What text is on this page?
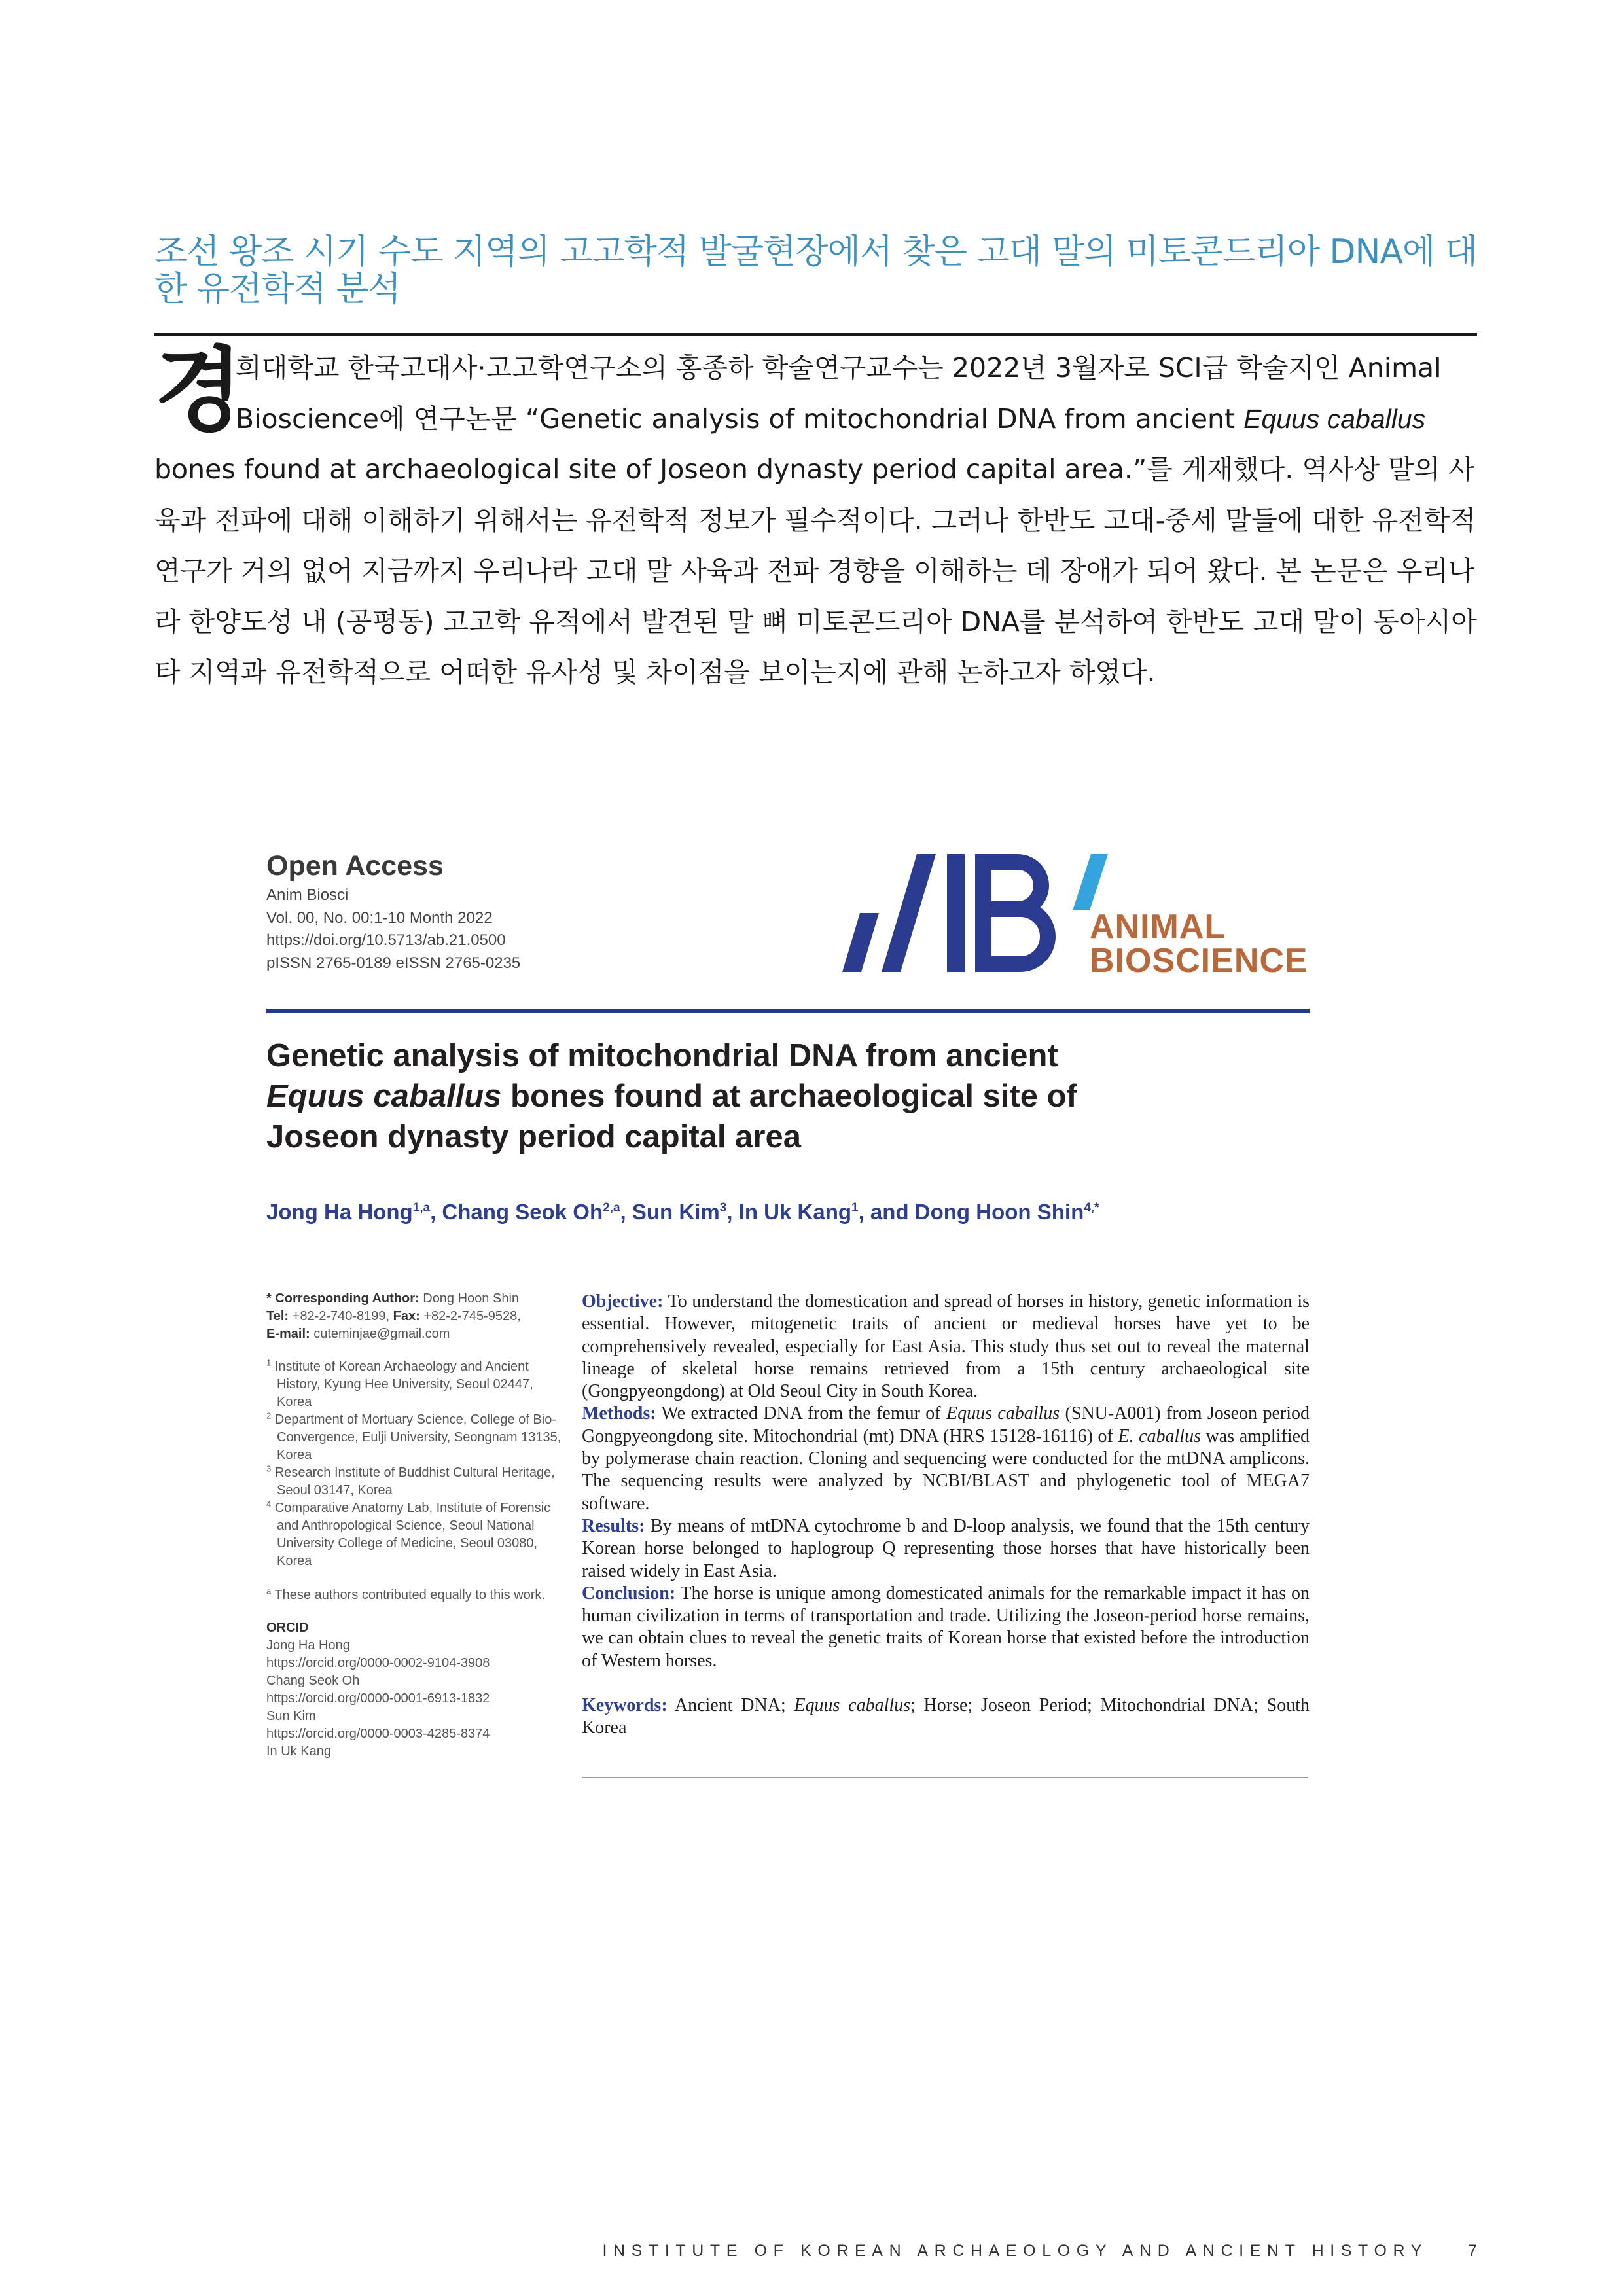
조선 왕조 시기 수도 지역의 고고학적 발굴현장에서 찾은 고대 말의 미토콘드리아 DNA에 대한 유전학적 분석

경
희대학교 한국고대사·고고학연구소의 홍종하 학술연구교수는 2022년 3월자로 SCI급 학술지인 Animal Bioscience에 연구논문 “Genetic analysis of mitochondrial DNA from ancient Equus caballus bones found at archaeological site of Joseon dynasty period capital area.”를 게재했다. 역사상 말의 사육과 전파에 대해 이해하기 위해서는 유전학적 정보가 필수적이다. 그러나 한반도 고대-중세 말들에 대한 유전학적 연구가 거의 없어 지금까지 우리나라 고대 말 사육과 전파 경향을 이해하는 데 장애가 되어 왔다. 본 논문은 우리나라 한양도성 내 (공평동) 고고학 유적에서 발견된 말 뼈 미토콘드리아 DNA를 분석하여 한반도 고대 말이 동아시아 타 지역과 유전학적으로 어떠한 유사성 및 차이점을 보이는지에 관해 논하고자 하였다.

Open Access
Anim Biosci
Vol. 00, No. 00:1-10 Month 2022
https://doi.org/10.5713/ab.21.0500
pISSN 2765-0189 eISSN 2765-0235
ANIMAL
BIOSCIENCE
Genetic analysis of mitochondrial DNA from ancient Equus caballus bones found at archaeological site of Joseon dynasty period capital area
Jong Ha Hong$^{1,a}$, Chang Seok Oh$^{2,a}$, Sun Kim$^3$, In Uk Kang$^1$, and Dong Hoon Shin$^{4,*}$
* Corresponding Author: Dong Hoon Shin
Tel: +82-2-740-8199, Fax: +82-2-745-9528,
E-mail: cuteminjae@gmail.com
$^1$ Institute of Korean Archaeology and Ancient History, Kyung Hee University, Seoul 02447, Korea
$^2$ Department of Mortuary Science, College of Bio-Convergence, Eulji University, Seongnam 13135, Korea
$^3$ Research Institute of Buddhist Cultural Heritage, Seoul 03147, Korea
$^4$ Comparative Anatomy Lab, Institute of Forensic and Anthropological Science, Seoul National University College of Medicine, Seoul 03080, Korea
$^a$ These authors contributed equally to this work.
ORCID
Jong Ha Hong
https://orcid.org/0000-0002-9104-3908
Chang Seok Oh
https://orcid.org/0000-0001-6913-1832
Sun Kim
https://orcid.org/0000-0003-4285-8374
In Uk Kang

Objective: To understand the domestication and spread of horses in history, genetic information is essential. However, mitogenetic traits of ancient or medieval horses have yet to be comprehensively revealed, especially for East Asia. This study thus set out to reveal the maternal lineage of skeletal horse remains retrieved from a 15th century archaeological site (Gongpyeongdong) at Old Seoul City in South Korea.

Methods: We extracted DNA from the femur of Equus caballus (SNU-A001) from Joseon period Gongpyeongdong site. Mitochondrial (mt) DNA (HRS 15128-16116) of E. caballus was amplified by polymerase chain reaction. Cloning and sequencing were conducted for the mtDNA amplicons. The sequencing results were analyzed by NCBI/BLAST and phylogenetic tool of MEGA7 software.

Results: By means of mtDNA cytochrome b and D-loop analysis, we found that the 15th century Korean horse belonged to haplogroup Q representing those horses that have historically been raised widely in East Asia.

Conclusion: The horse is unique among domesticated animals for the remarkable impact it has on human civilization in terms of transportation and trade. Utilizing the Joseon-period horse remains, we can obtain clues to reveal the genetic traits of Korean horse that existed before the introduction of Western horses.

Keywords: Ancient DNA; Equus caballus; Horse; Joseon Period; Mitochondrial DNA; South Korea

INSTITUTE OF KOREAN ARCHAEOLOGY AND ANCIENT HISTORY 7
